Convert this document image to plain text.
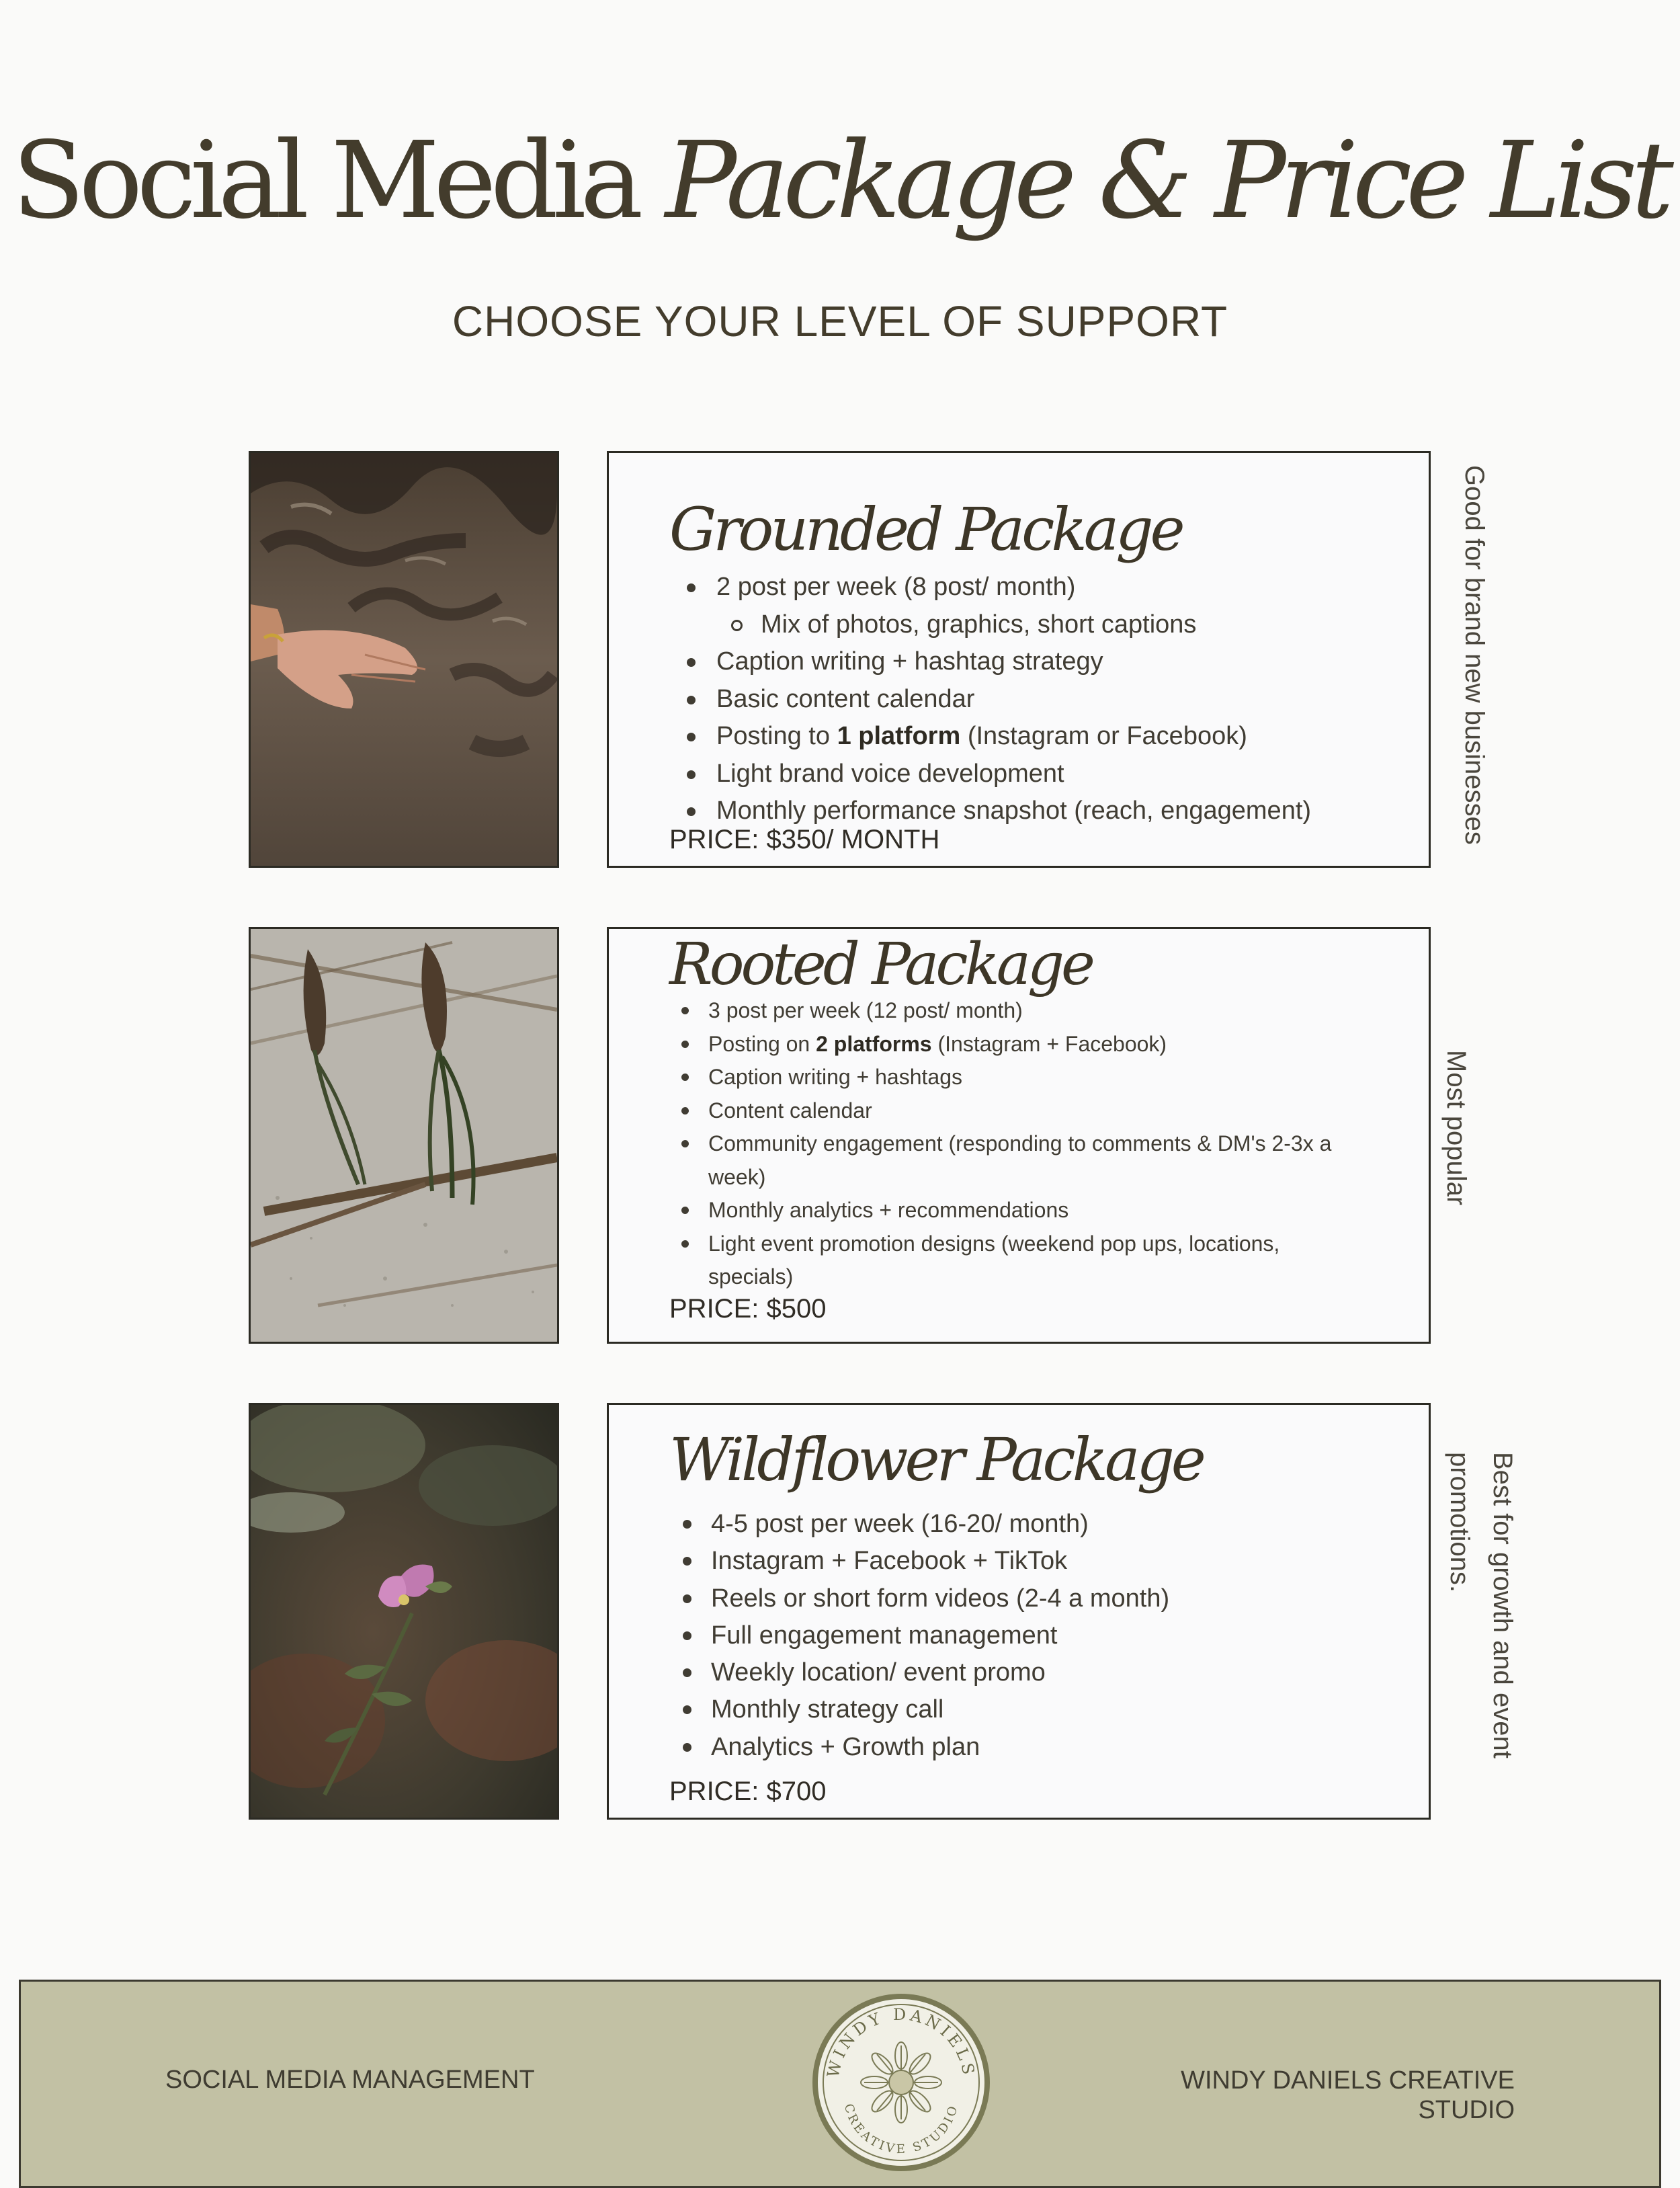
Social Media Package & Price List
CHOOSE YOUR LEVEL OF SUPPORT
Grounded Package
2 post per week (8 post/ month)
Mix of photos, graphics, short captions
Caption writing + hashtag strategy
Basic content calendar
Posting to 1 platform (Instagram or Facebook)
Light brand voice development
Monthly performance snapshot (reach, engagement)
PRICE: $350/ MONTH	Good for brand new businesses
Rooted Package
3 post per week (12 post/ month)
Posting on 2 platforms (Instagram + Facebook)
Caption writing + hashtags
Content calendar
Community engagement (responding to comments & DM's 2-3x a
week)
Monthly analytics + recommendations
Light event promotion designs (weekend pop ups, locations,
specials)
PRICE: $500
Most popular
Wildflower Package
4-5 post per week (16-20/ month)
Instagram + Facebook + TikTok
Reels or short form videos (2-4 a month)
Full engagement management
Weekly location/ event promo
Monthly strategy call
Analytics + Growth plan
PRICE: $700
Best for growth and event
promotions.
SOCIAL MEDIA MANAGEMENT	WINDY DANIELS
CREATIVE STUDIO
WINDY DANIELS CREATIVE
STUDIO
